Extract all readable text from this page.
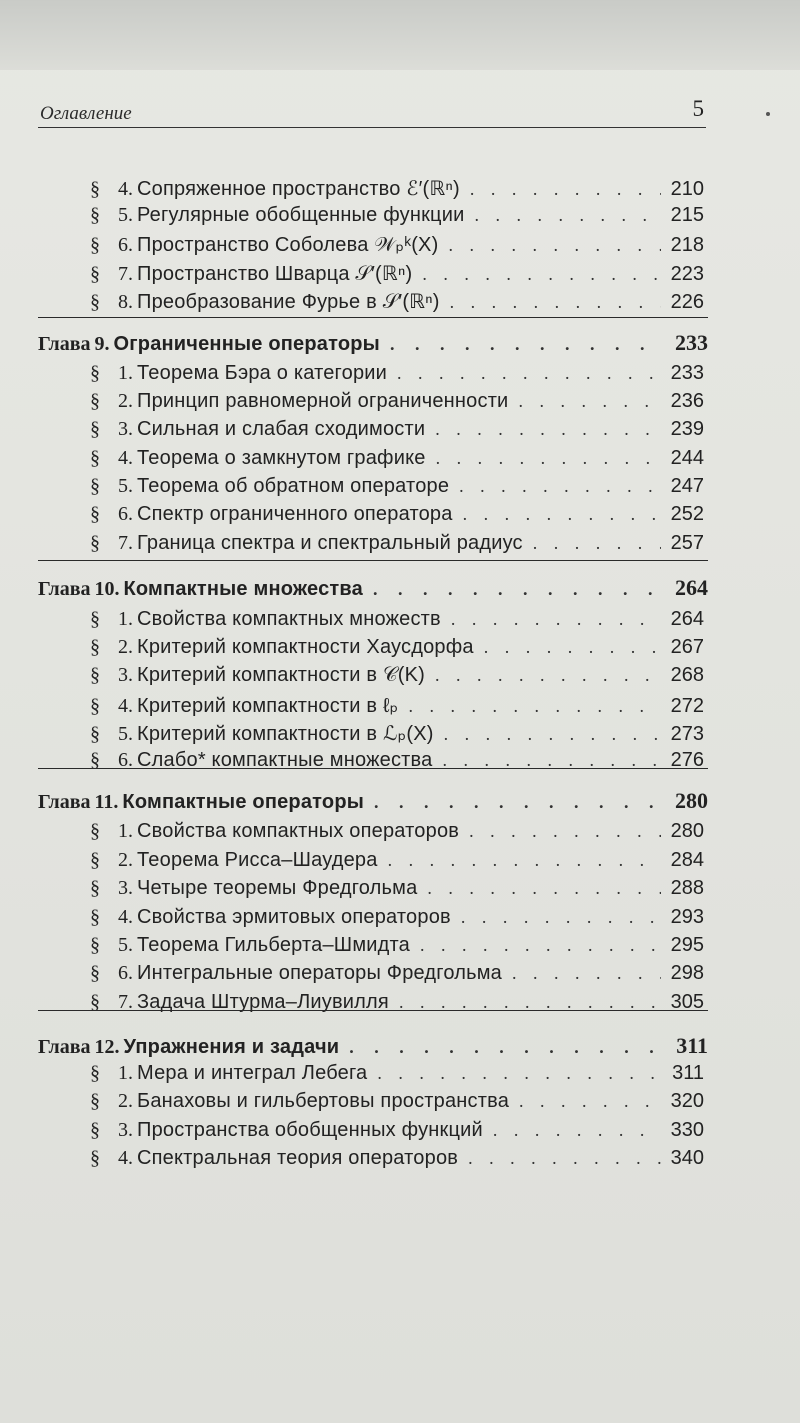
Оглавление	5
§ 4. Сопряженное пространство ℰ′(ℝⁿ) . . .	210
§ 5. Регулярные обобщенные функции . . .	215
§ 6. Пространство Соболева 𝒲ₚᵏ(X) . . .	218
§ 7. Пространство Шварца 𝒮′(ℝⁿ) . . .	223
§ 8. Преобразование Фурье в 𝒮′(ℝⁿ) . . .	226
Глава 9. Ограниченные операторы . . .	233
§ 1. Теорема Бэра о категории . . .	233
§ 2. Принцип равномерной ограниченности . . .	236
§ 3. Сильная и слабая сходимости . . .	239
§ 4. Теорема о замкнутом графике . . .	244
§ 5. Теорема об обратном операторе . . .	247
§ 6. Спектр ограниченного оператора . . .	252
§ 7. Граница спектра и спектральный радиус . . .	257
Глава 10. Компактные множества . . .	264
§ 1. Свойства компактных множеств . . .	264
§ 2. Критерий компактности Хаусдорфа . . .	267
§ 3. Критерий компактности в 𝒞(K) . . .	268
§ 4. Критерий компактности в ℓₚ . . .	272
§ 5. Критерий компактности в ℒₚ(X) . . .	273
§ 6. Слабо* компактные множества . . .	276
Глава 11. Компактные операторы . . .	280
§ 1. Свойства компактных операторов . . .	280
§ 2. Теорема Рисса–Шаудера . . .	284
§ 3. Четыре теоремы Фредгольма . . .	288
§ 4. Свойства эрмитовых операторов . . .	293
§ 5. Теорема Гильберта–Шмидта . . .	295
§ 6. Интегральные операторы Фредгольма . . .	298
§ 7. Задача Штурма–Лиувилля . . .	305
Глава 12. Упражнения и задачи . . .	311
§ 1. Мера и интеграл Лебега . . .	311
§ 2. Банаховы и гильбертовы пространства . . .	320
§ 3. Пространства обобщенных функций . . .	330
§ 4. Спектральная теория операторов . . .	340
